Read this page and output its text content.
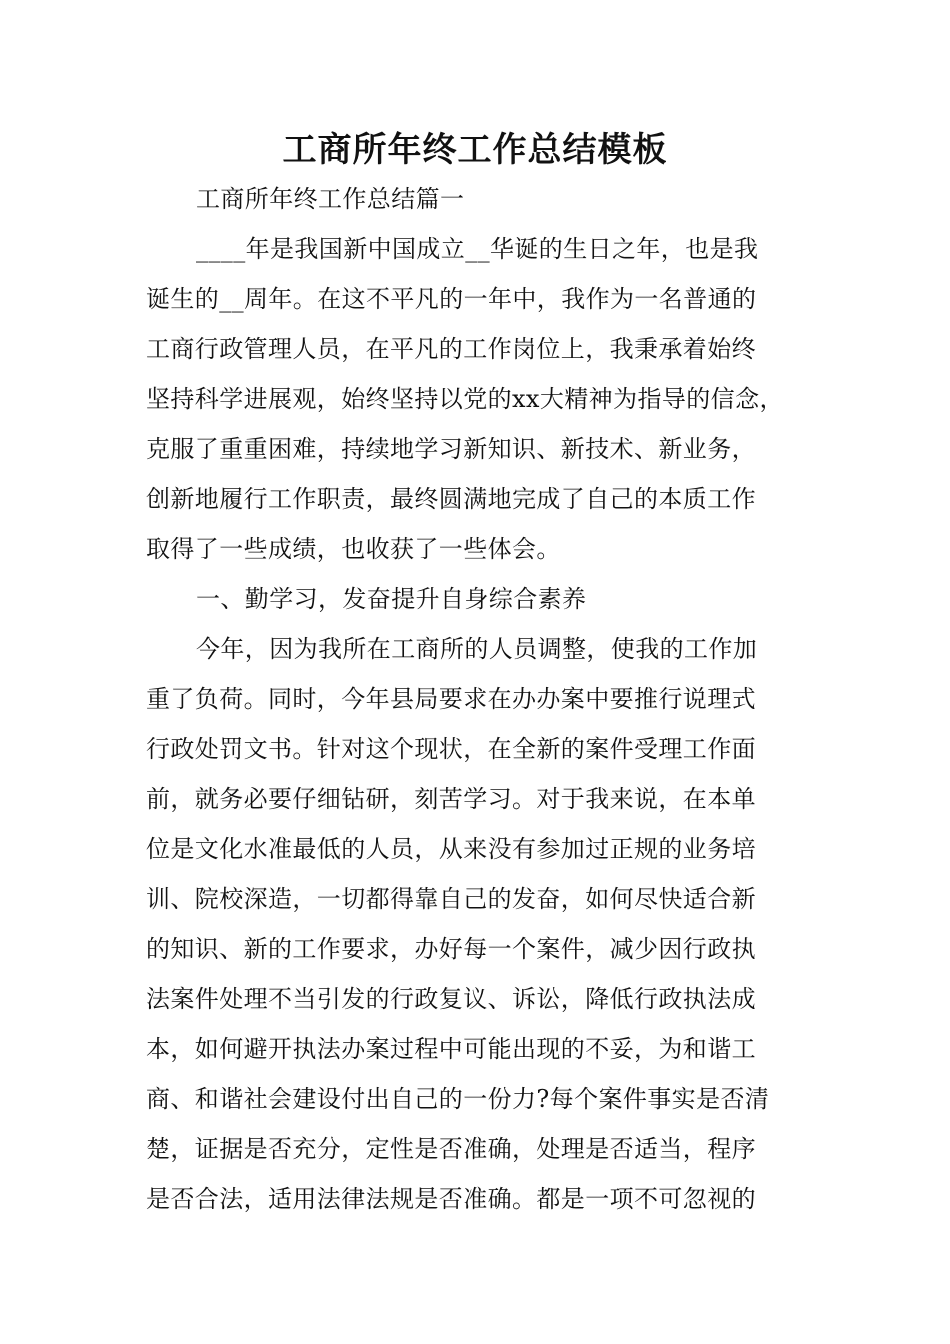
工商所年终工作总结模板
工商所年终工作总结篇一
____年是我国新中国成立__华诞的生日之年，也是我
诞生的__周年。在这不平凡的一年中，我作为一名普通的
工商行政管理人员，在平凡的工作岗位上，我秉承着始终
坚持科学进展观，始终坚持以党的xx大精神为指导的信念，
克服了重重困难，持续地学习新知识、新技术、新业务，
创新地履行工作职责，最终圆满地完成了自己的本质工作
取得了一些成绩，也收获了一些体会。
一、勤学习，发奋提升自身综合素养
今年，因为我所在工商所的人员调整，使我的工作加
重了负荷。同时，今年县局要求在办办案中要推行说理式
行政处罚文书。针对这个现状，在全新的案件受理工作面
前，就务必要仔细钻研，刻苦学习。对于我来说，在本单
位是文化水准最低的人员，从来没有参加过正规的业务培
训、院校深造，一切都得靠自己的发奋，如何尽快适合新
的知识、新的工作要求，办好每一个案件，减少因行政执
法案件处理不当引发的行政复议、诉讼，降低行政执法成
本，如何避开执法办案过程中可能出现的不妥，为和谐工
商、和谐社会建设付出自己的一份力?每个案件事实是否清
楚，证据是否充分，定性是否准确，处理是否适当，程序
是否合法，适用法律法规是否准确。都是一项不可忽视的
